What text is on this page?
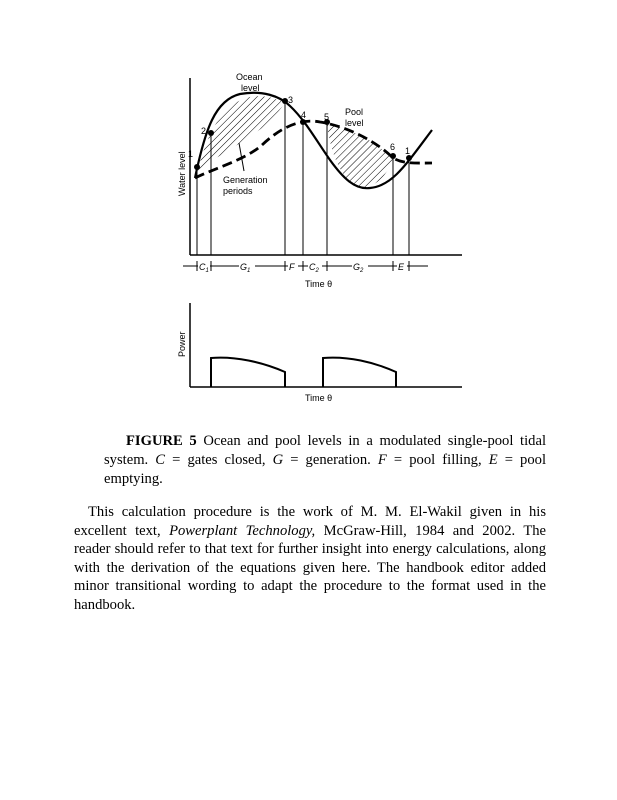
1
2
3
4 5
6 1
Ocean
level
Pool
level
Generation
periods
Water level
$C_1$	$G_1$	F $C_2$	$G_2$	E
Time θ
Power
Time θ
FIGURE 5 Ocean and pool levels in a modulated single-pool tidal system. C = gates closed, G = generation. F = pool filling, E = pool emptying.
This calculation procedure is the work of M. M. El-Wakil given in his excellent text, Powerplant Technology, McGraw-Hill, 1984 and 2002. The reader should refer to that text for further insight into energy calculations, along with the derivation of the equations given here. The handbook editor added minor transitional wording to adapt the procedure to the format used in the handbook.
